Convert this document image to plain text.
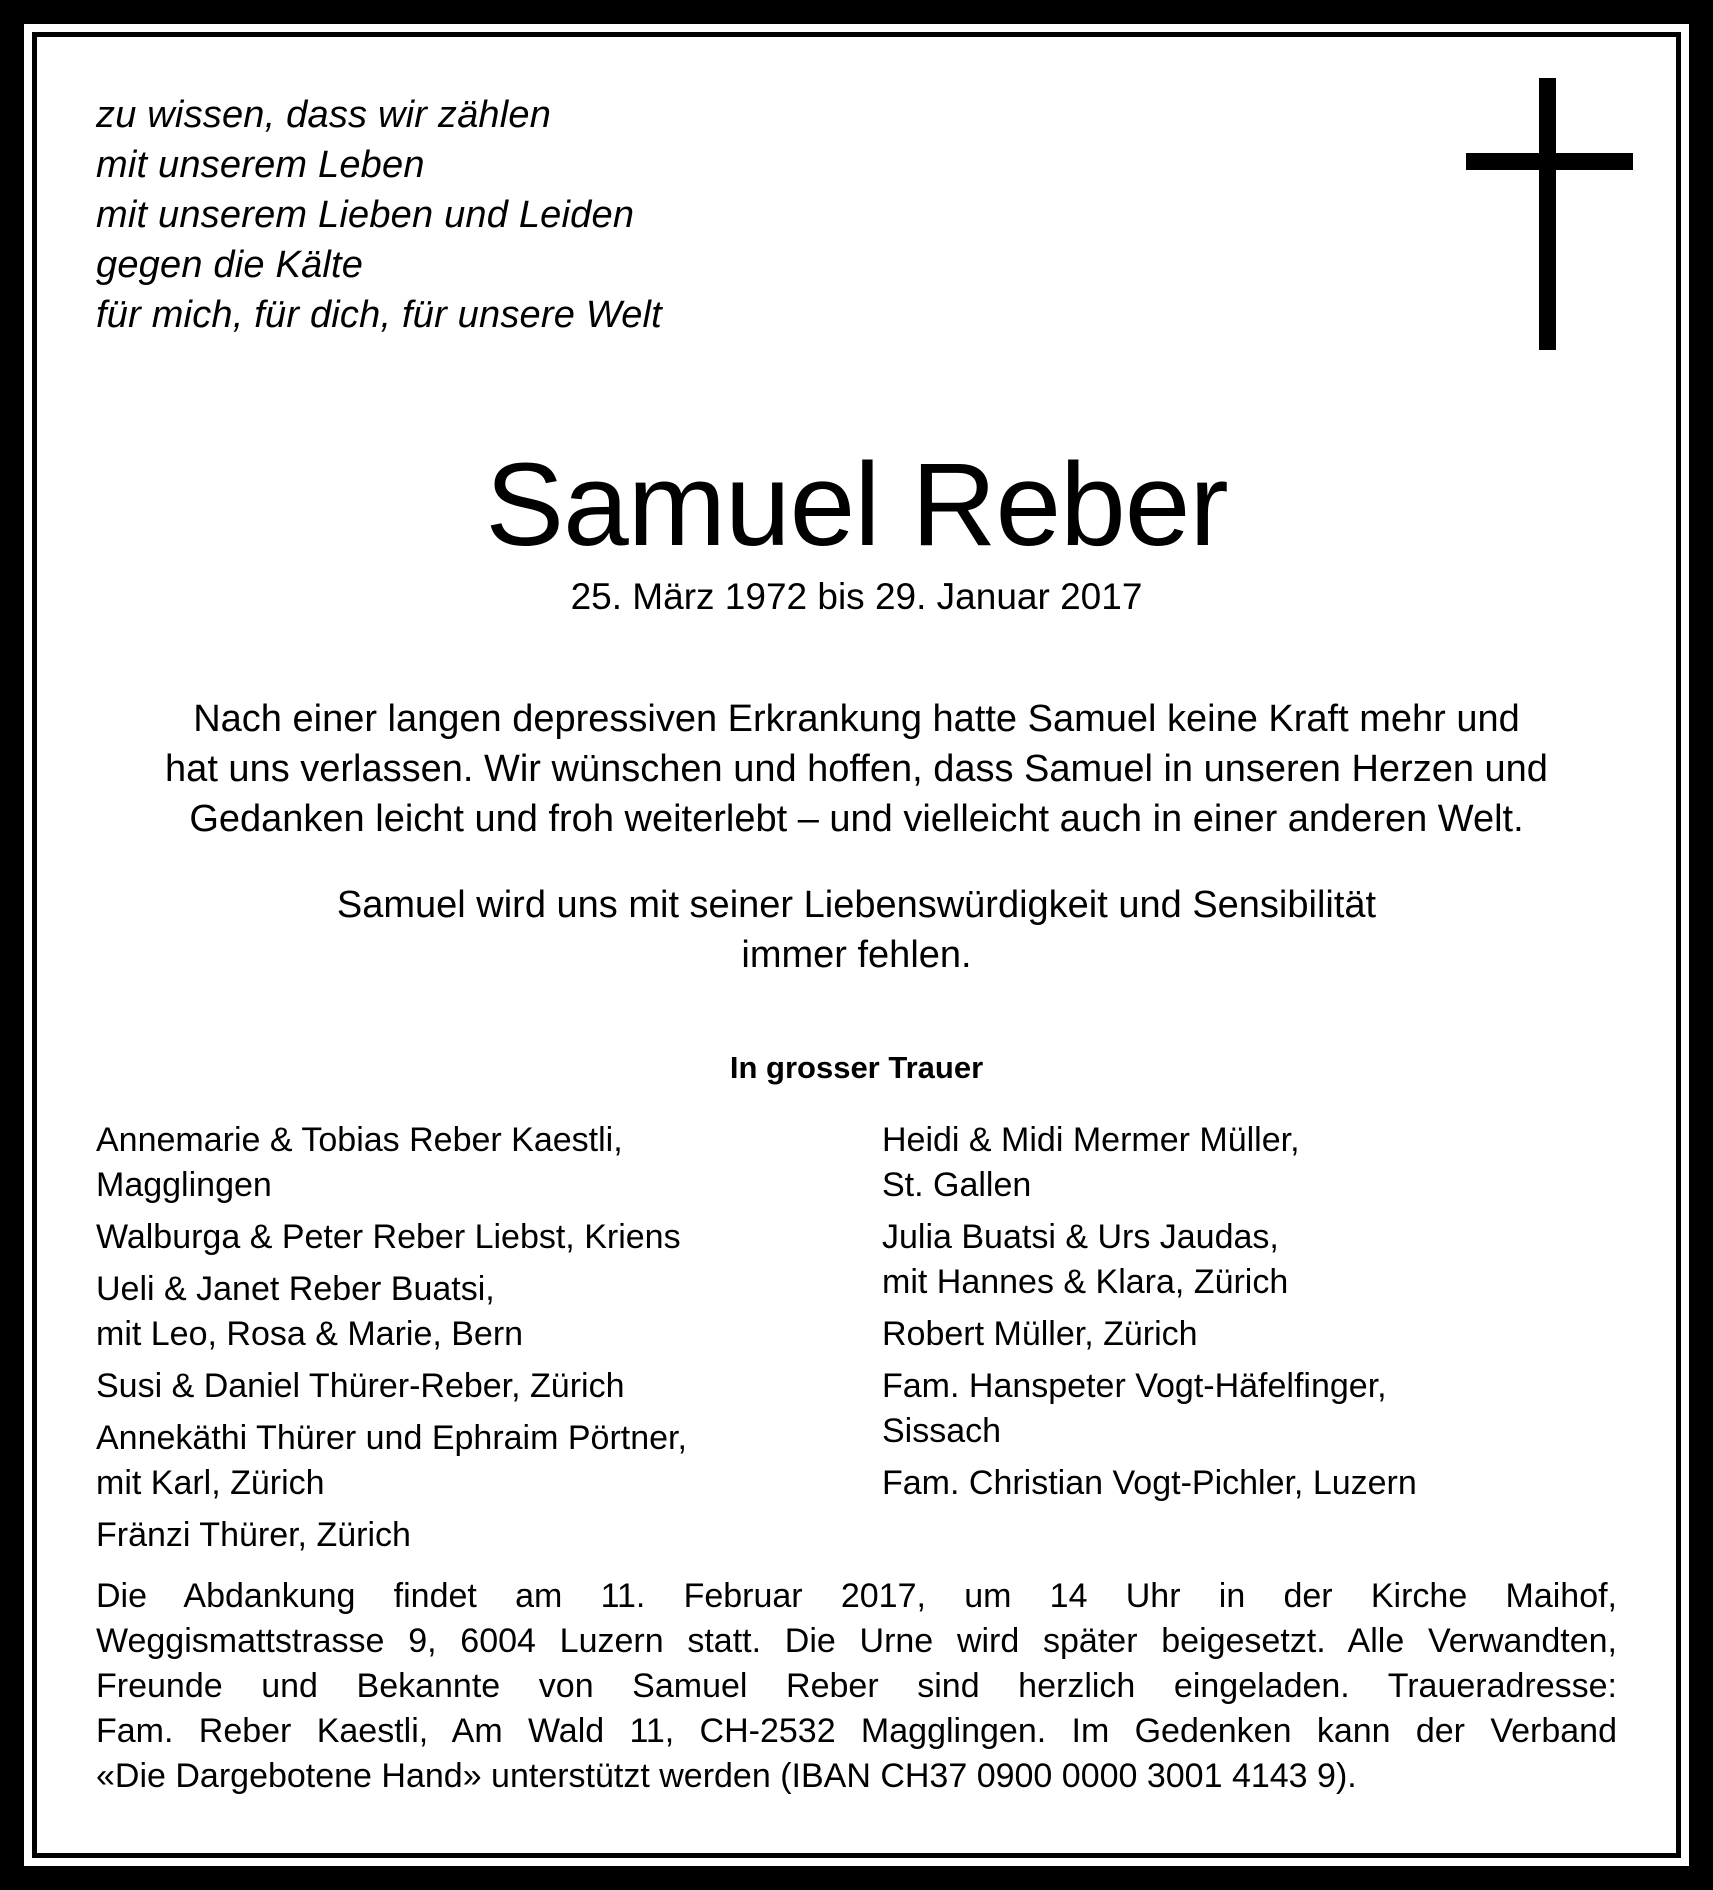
zu wissen, dass wir zählen
mit unserem Leben
mit unserem Lieben und Leiden
gegen die Kälte
für mich, für dich, für unsere Welt
Samuel Reber
25. März 1972 bis 29. Januar 2017
Nach einer langen depressiven Erkrankung hatte Samuel keine Kraft mehr und
hat uns verlassen. Wir wünschen und hoffen, dass Samuel in unseren Herzen und
Gedanken leicht und froh weiterlebt – und vielleicht auch in einer anderen Welt.
Samuel wird uns mit seiner Liebenswürdigkeit und Sensibilität
immer fehlen.
In grosser Trauer
Annemarie & Tobias Reber Kaestli,
Magglingen
Walburga & Peter Reber Liebst, Kriens
Ueli & Janet Reber Buatsi,
mit Leo, Rosa & Marie, Bern
Susi & Daniel Thürer-Reber, Zürich
Annekäthi Thürer und Ephraim Pörtner,
mit Karl, Zürich
Fränzi Thürer, Zürich
Heidi & Midi Mermer Müller,
St. Gallen
Julia Buatsi & Urs Jaudas,
mit Hannes & Klara, Zürich
Robert Müller, Zürich
Fam. Hanspeter Vogt-Häfelfinger,
Sissach
Fam. Christian Vogt-Pichler, Luzern
Die Abdankung findet am 11. Februar 2017, um 14 Uhr in der Kirche Maihof,
Weggismattstrasse 9, 6004 Luzern statt. Die Urne wird später beigesetzt. Alle Verwandten,
Freunde und Bekannte von Samuel Reber sind herzlich eingeladen. Traueradresse:
Fam. Reber Kaestli, Am Wald 11, CH-2532 Magglingen. Im Gedenken kann der Verband
«Die Dargebotene Hand» unterstützt werden (IBAN CH37 0900 0000 3001 4143 9).
